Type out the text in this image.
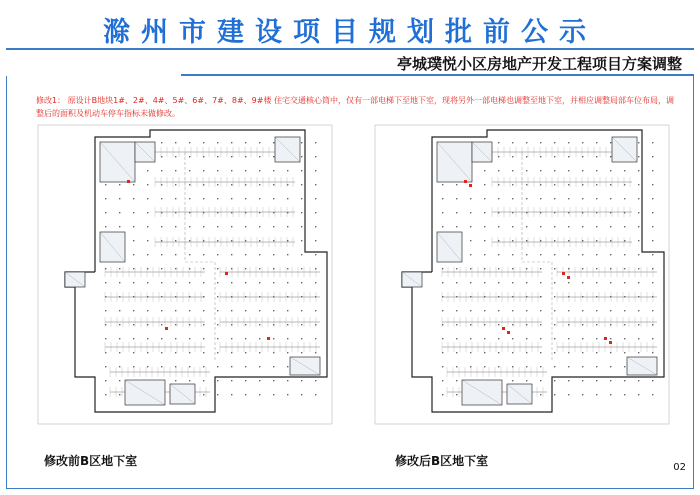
滁州市建设项目规划批前公示
亭城璞悦小区房地产开发工程项目方案调整
修改1： 原设计B地块1#、2#、4#、5#、6#、7#、8#、9#楼 住宅交通核心筒中，仅有一部电梯下至地下室，现将另外一部电梯也调整至地下室，并相应调整局部车位布局，调整后的面积及机动车停车指标未做修改。
修改前B区地下室	修改后B区地下室	02
